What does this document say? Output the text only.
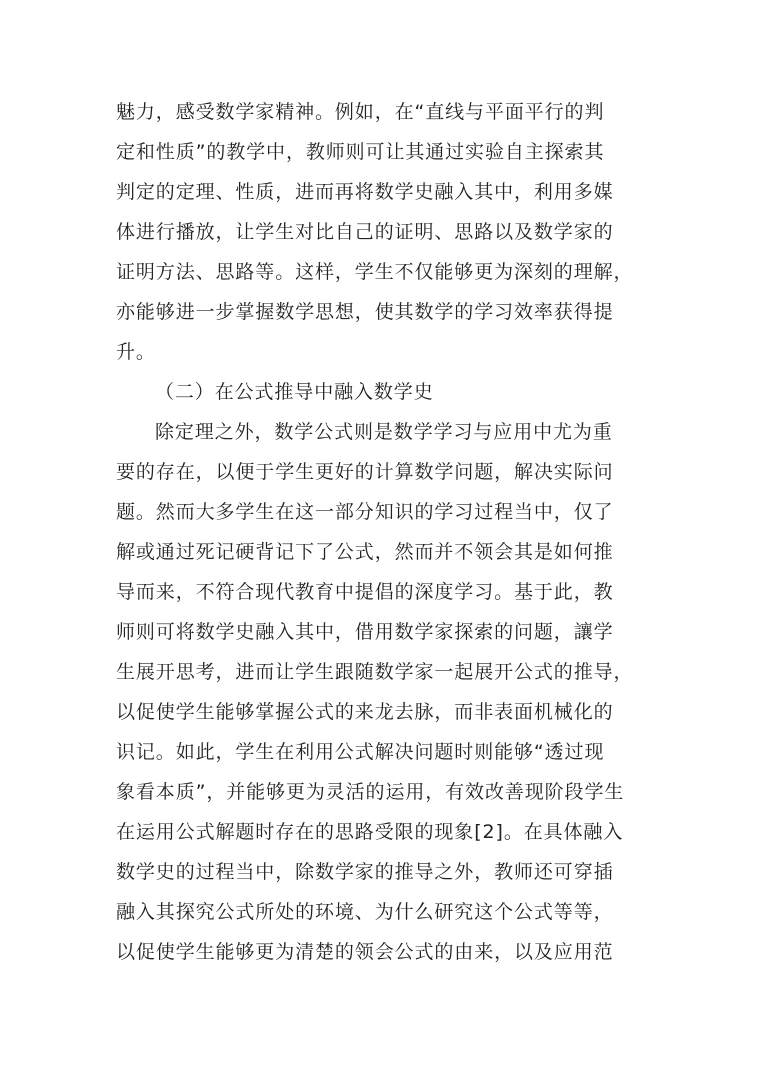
魅力，感受数学家精神。例如，在“直线与平面平行的判
定和性质”的教学中，教师则可让其通过实验自主探索其
判定的定理、性质，进而再将数学史融入其中，利用多媒
体进行播放，让学生对比自己的证明、思路以及数学家的
证明方法、思路等。这样，学生不仅能够更为深刻的理解，
亦能够进一步掌握数学思想，使其数学的学习效率获得提
升。
（二）在公式推导中融入数学史
除定理之外，数学公式则是数学学习与应用中尤为重
要的存在，以便于学生更好的计算数学问题，解决实际问
题。然而大多学生在这一部分知识的学习过程当中，仅了
解或通过死记硬背记下了公式，然而并不领会其是如何推
导而来，不符合现代教育中提倡的深度学习。基于此，教
师则可将数学史融入其中，借用数学家探索的问题，讓学
生展开思考，进而让学生跟随数学家一起展开公式的推导，
以促使学生能够掌握公式的来龙去脉，而非表面机械化的
识记。如此，学生在利用公式解决问题时则能够“透过现
象看本质”，并能够更为灵活的运用，有效改善现阶段学生
在运用公式解题时存在的思路受限的现象[2]。在具体融入
数学史的过程当中，除数学家的推导之外，教师还可穿插
融入其探究公式所处的环境、为什么研究这个公式等等，
以促使学生能够更为清楚的领会公式的由来，以及应用范
